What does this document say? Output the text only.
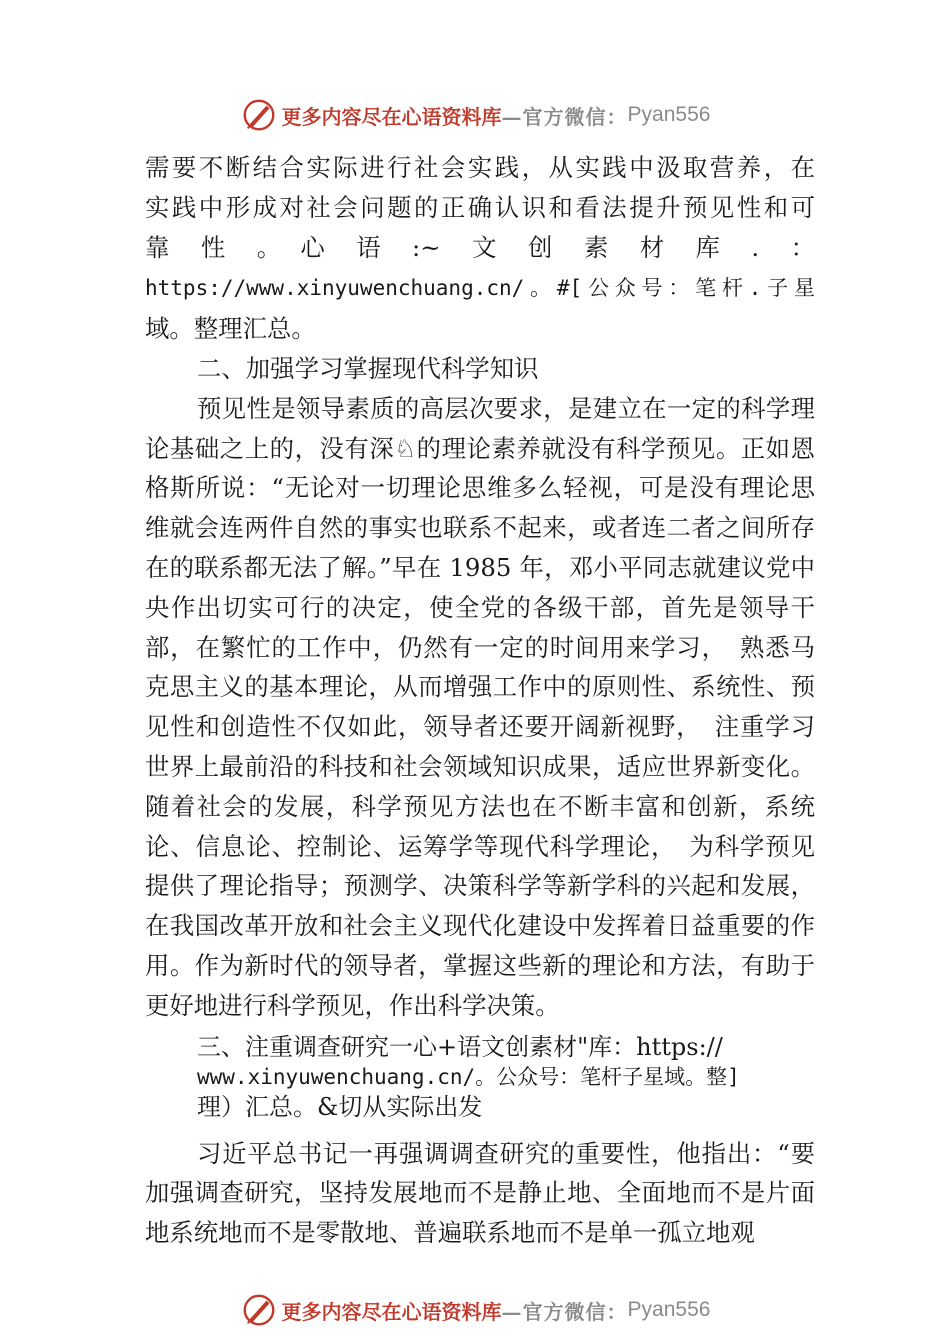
更多内容尽在心语资料库 —官方微信： Pyan556

需要不断结合实际进行社会实践，从实践中汲取营养，在

实践中形成对社会问题的正确认识和看法提升预见性和可

靠　性　。　心　语　:~　文　创　素　材　库　.　：

https://www.xinyuwenchuang.cn/。#[公众号：笔杆.子星

域。整理汇总。

二、加强学习掌握现代科学知识

预见性是领导素质的高层次要求，是建立在一定的科学理论基础之上的，没有深♘的理论素养就没有科学预见。正如恩格斯所说：“无论对一切理论思维多么轻视，可是没有理论思维就会连两件自然的事实也联系不起来，或者连二者之间所存在的联系都无法了解。”早在 1985 年，邓小平同志就建议党中央作出切实可行的决定，使全党的各级干部，首先是领导干部，在繁忙的工作中，仍然有一定的时间用来学习，　熟悉马克思主义的基本理论，从而增强工作中的原则性、系统性、预见性和创造性不仅如此，领导者还要开阔新视野，　注重学习世界上最前沿的科技和社会领域知识成果，适应世界新变化。随着社会的发展，科学预见方法也在不断丰富和创新，系统论、信息论、控制论、运筹学等现代科学理论，　为科学预见提供了理论指导；预测学、决策科学等新学科的兴起和发展，在我国改革开放和社会主义现代化建设中发挥着日益重要的作用。作为新时代的领导者，掌握这些新的理论和方法，有助于更好地进行科学预见，作出科学决策。

三、注重调查研究一心+语文创素材"库：https://

www.xinyuwenchuang.cn/。公众号：笔杆子星域。整]

理）汇总。&切从实际出发

习近平总书记一再强调调查研究的重要性，他指出：“要加强调查研究，坚持发展地而不是静止地、全面地而不是片面地系统地而不是零散地、普遍联系地而不是单一孤立地观

更多内容尽在心语资料库 —官方微信： Pyan556
